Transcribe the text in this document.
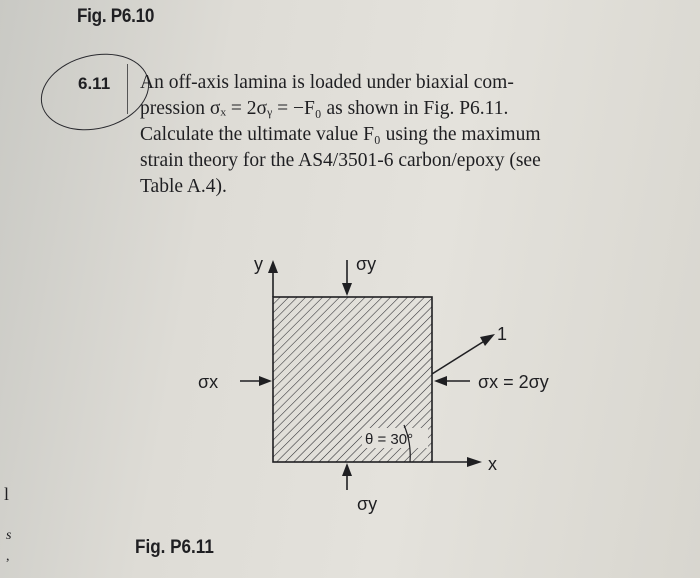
Fig. P6.10
6.11 An off-axis lamina is loaded under biaxial com-
pression σₓ = 2σᵧ = −F₀ as shown in Fig. P6.11.
Calculate the ultimate value F₀ using the maximum
strain theory for the AS4/3501-6 carbon/epoxy (see
Table A.4).
y	σy
1
σx	σx = 2σy
θ = 30°
x
σy
Fig. P6.11
l
s
,
